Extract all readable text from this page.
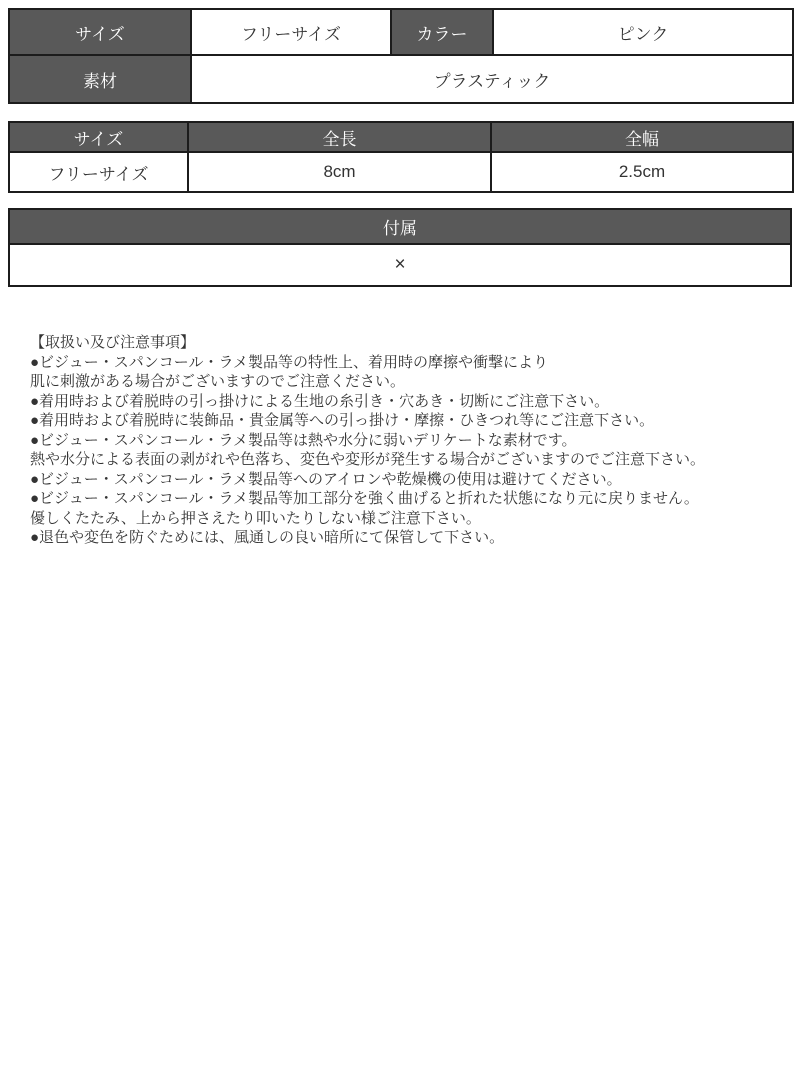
サイズ	フリーサイズ	カラー	ピンク
素材	プラスティック		
サイズ	全長	全幅
フリーサイズ	8cm	2.5cm
付属
×
【取扱い及び注意事項】
●ビジュー・スパンコール・ラメ製品等の特性上、着用時の摩擦や衝撃により
肌に刺激がある場合がございますのでご注意ください。
●着用時および着脱時の引っ掛けによる生地の糸引き・穴あき・切断にご注意下さい。
●着用時および着脱時に装飾品・貴金属等への引っ掛け・摩擦・ひきつれ等にご注意下さい。
●ビジュー・スパンコール・ラメ製品等は熱や水分に弱いデリケートな素材です。
熱や水分による表面の剥がれや色落ち、変色や変形が発生する場合がございますのでご注意下さい。
●ビジュー・スパンコール・ラメ製品等へのアイロンや乾燥機の使用は避けてください。
●ビジュー・スパンコール・ラメ製品等加工部分を強く曲げると折れた状態になり元に戻りません。
優しくたたみ、上から押さえたり叩いたりしない様ご注意下さい。
●退色や変色を防ぐためには、風通しの良い暗所にて保管して下さい。
